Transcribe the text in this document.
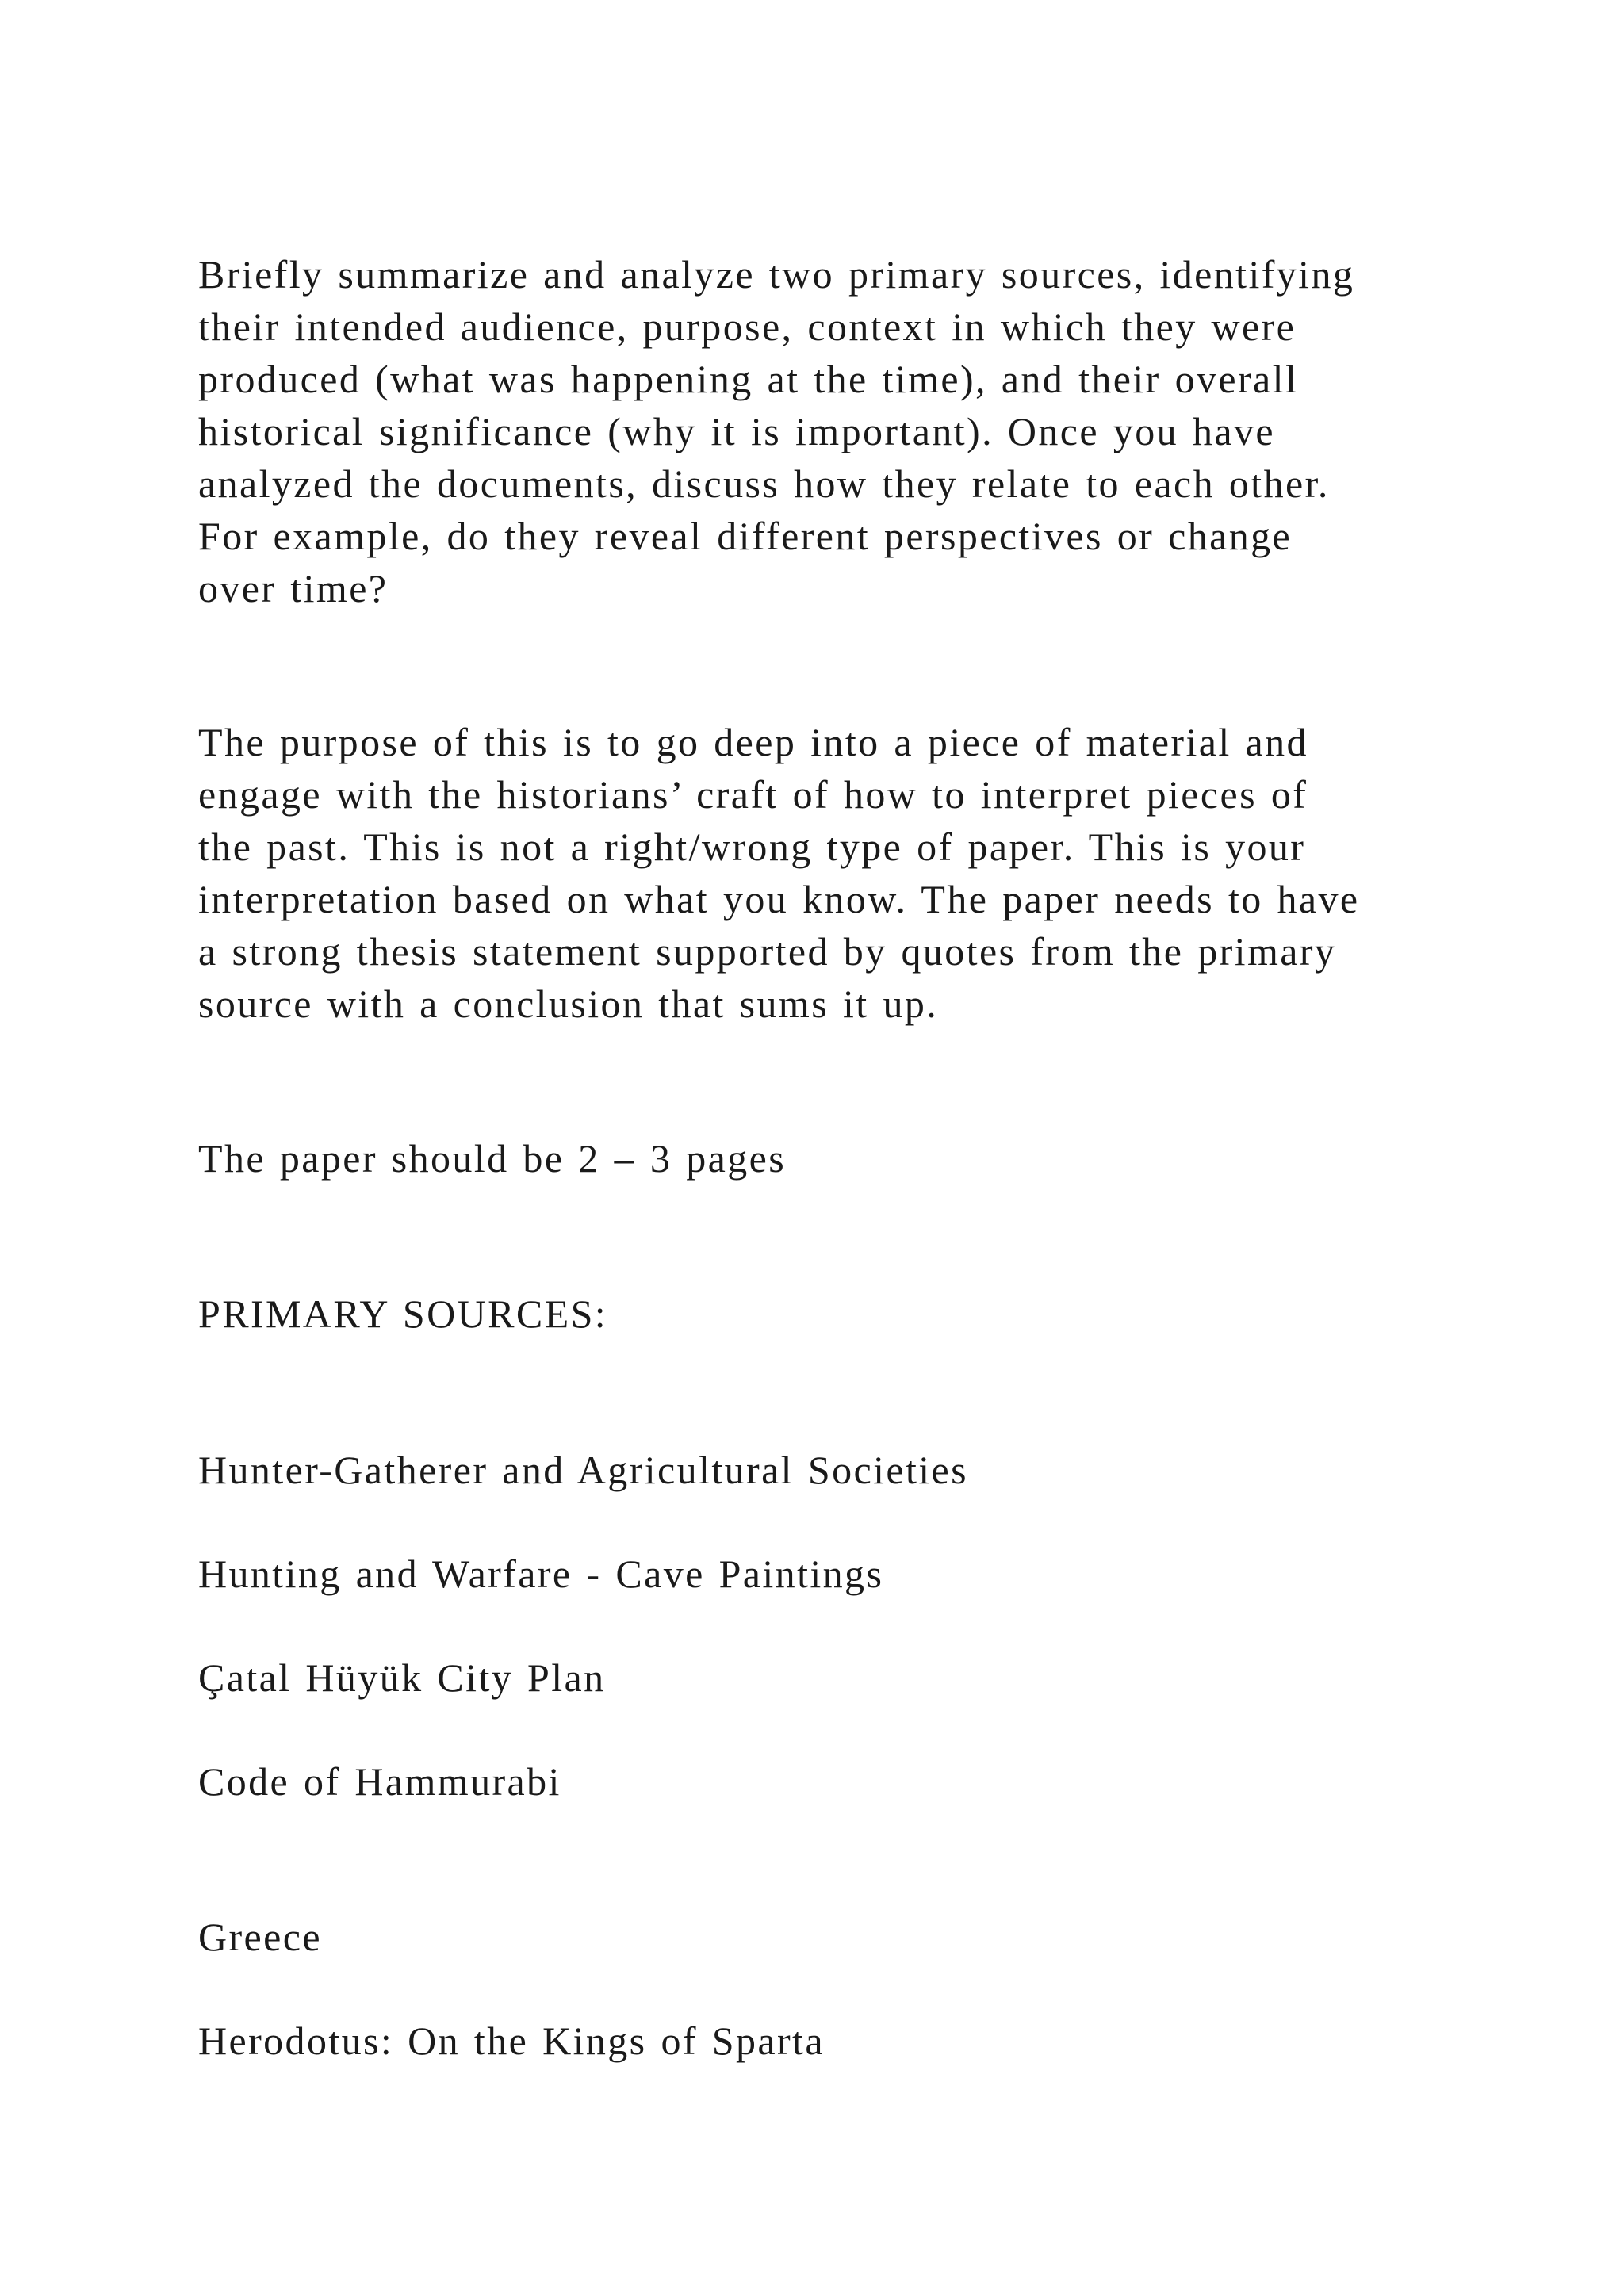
Briefly summarize and analyze two primary sources, identifying
their intended audience, purpose, context in which they were
produced (what was happening at the time), and their overall
historical significance (why it is important). Once you have
analyzed the documents, discuss how they relate to each other.
For example, do they reveal different perspectives or change
over time?

The purpose of this is to go deep into a piece of material and
engage with the historians’ craft of how to interpret pieces of
the past. This is not a right/wrong type of paper. This is your
interpretation based on what you know. The paper needs to have
a strong thesis statement supported by quotes from the primary
source with a conclusion that sums it up.

The paper should be 2 – 3 pages

PRIMARY SOURCES:

Hunter-Gatherer and Agricultural Societies

Hunting and Warfare - Cave Paintings

Çatal Hüyük City Plan

Code of Hammurabi

Greece

Herodotus: On the Kings of Sparta
